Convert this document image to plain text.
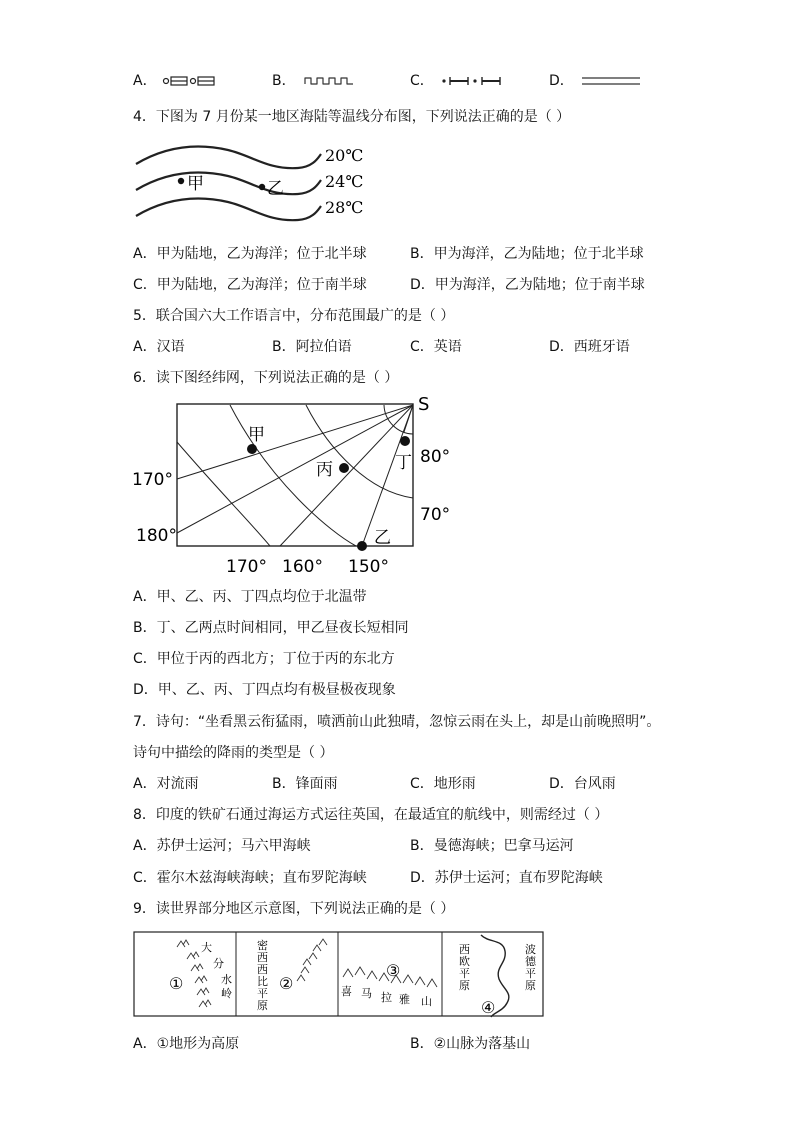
A．	B．	C．	D．
4．下图为 7 月份某一地区海陆等温线分布图，下列说法正确的是（ ）
20℃
24℃
28℃
甲	乙
A．甲为陆地，乙为海洋；位于北半球	B．甲为海洋，乙为陆地；位于北半球
C．甲为陆地，乙为海洋；位于南半球	D．甲为海洋，乙为陆地；位于南半球
5．联合国六大工作语言中，分布范围最广的是（ ）
A．汉语	B．阿拉伯语	C．英语	D．西班牙语
6．读下图经纬网，下列说法正确的是（ ）
S
甲
丙	丁
乙
80°
70°
170°
180°
170° 160° 150°
A．甲、乙、丙、丁四点均位于北温带
B．丁、乙两点时间相同，甲乙昼夜长短相同
C．甲位于丙的西北方；丁位于丙的东北方
D．甲、乙、丙、丁四点均有极昼极夜现象
7．诗句：“坐看黑云衔猛雨，喷洒前山此独晴，忽惊云雨在头上，却是山前晚照明”。
诗句中描绘的降雨的类型是（ ）
A．对流雨	B．锋面雨	C．地形雨	D．台风雨
8．印度的铁矿石通过海运方式运往英国，在最适宜的航线中，则需经过（ ）
A．苏伊士运河；马六甲海峡	B．曼德海峡；巴拿马运河
C．霍尔木兹海峡海峡；直布罗陀海峡	D．苏伊士运河；直布罗陀海峡
9．读世界部分地区示意图，下列说法正确的是（ ）
大
分
水
岭
①
密
西
西
比
平
原
②
③
喜 马 拉 雅 山
西
欧
平
原
波
德
平
原
④
A．①地形为高原	B．②山脉为落基山
